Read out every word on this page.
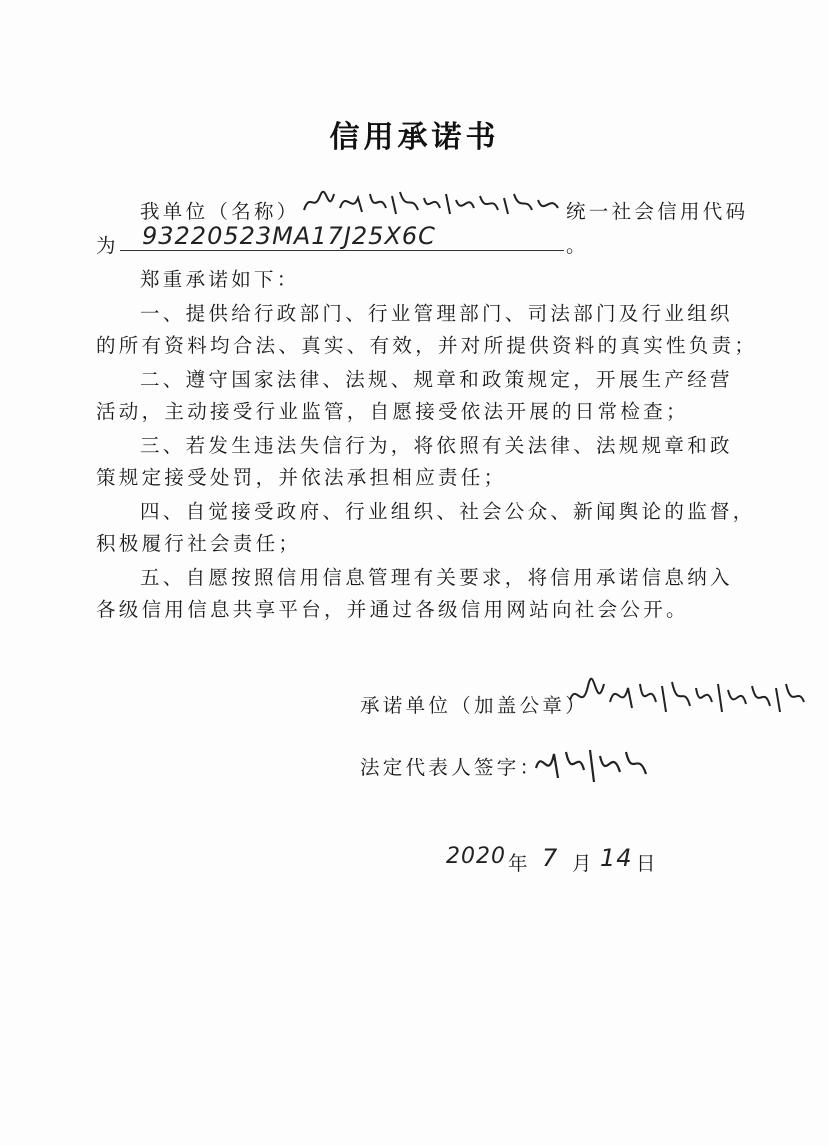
信用承诺书
我单位（名称）	统一社会信用代码
为 93220523MA17J25X6C	。
郑重承诺如下：
一、提供给行政部门、行业管理部门、司法部门及行业组织
的所有资料均合法、真实、有效，并对所提供资料的真实性负责；
二、遵守国家法律、法规、规章和政策规定，开展生产经营
活动，主动接受行业监管，自愿接受依法开展的日常检查；
三、若发生违法失信行为，将依照有关法律、法规规章和政
策规定接受处罚，并依法承担相应责任；
四、自觉接受政府、行业组织、社会公众、新闻舆论的监督，
积极履行社会责任；
五、自愿按照信用信息管理有关要求，将信用承诺信息纳入
各级信用信息共享平台，并通过各级信用网站向社会公开。
承诺单位（加盖公章）
法定代表人签字：
2020 年 7 月 14 日
